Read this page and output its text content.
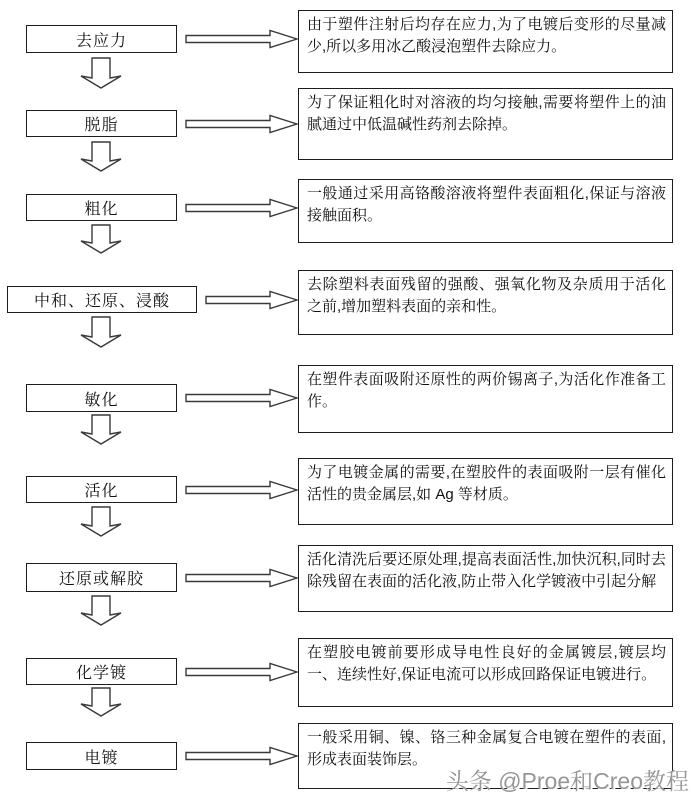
头条 @Proe和Creo教程
去应力
由于塑件注射后均存在应力,为了电镀后变形的尽量减少,所以多用冰乙酸浸泡塑件去除应力。
脱脂
为了保证粗化时对溶液的均匀接触,需要将塑件上的油腻通过中低温碱性药剂去除掉。
粗化
一般通过采用高铬酸溶液将塑件表面粗化,保证与溶液接触面积。
中和、还原、浸酸
去除塑料表面残留的强酸、强氧化物及杂质用于活化之前,增加塑料表面的亲和性。
敏化
在塑件表面吸附还原性的两价锡离子,为活化作准备工作。
活化
为了电镀金属的需要,在塑胶件的表面吸附一层有催化活性的贵金属层,如 Ag 等材质。
还原或解胶
活化清洗后要还原处理,提高表面活性,加快沉积,同时去除残留在表面的活化液,防止带入化学镀液中引起分解
化学镀
在塑胶电镀前要形成导电性良好的金属镀层,镀层均一、连续性好,保证电流可以形成回路保证电镀进行。
电镀
一般采用铜、镍、铬三种金属复合电镀在塑件的表面,形成表面装饰层。
